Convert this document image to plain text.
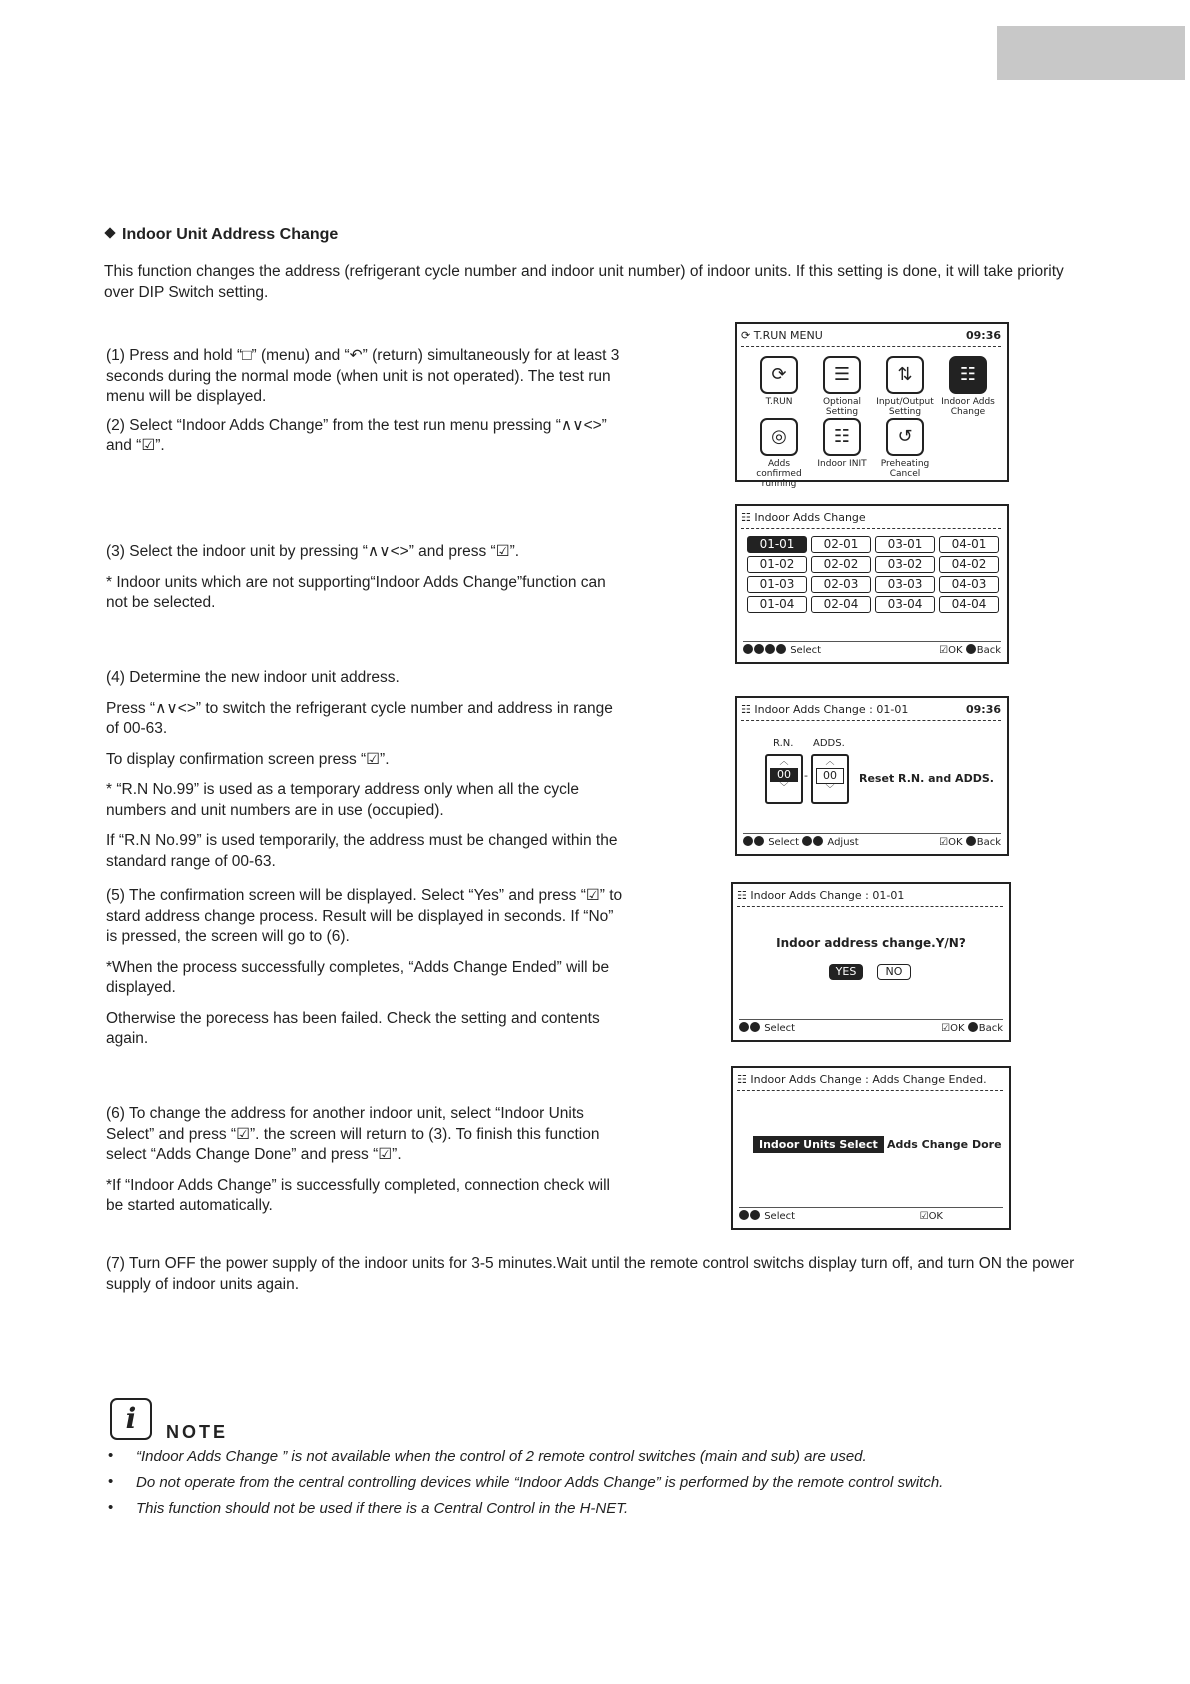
Indoor Unit Address Change
This function changes the address (refrigerant cycle number and indoor unit number) of indoor units. If this setting is done, it will take priority over DIP Switch setting.

(1) Press and hold “□” (menu) and “↶” (return) simultaneously for at least 3 seconds during the normal mode (when unit is not operated). The test run menu will be displayed.

(2) Select “Indoor Adds Change” from the test run menu pressing “∧∨<>” and “☑”.

(3) Select the indoor unit by pressing “∧∨<>” and press “☑”.

* Indoor units which are not supporting“Indoor Adds Change”function can not be selected.

(4) Determine the new indoor unit address.

Press “∧∨<>” to switch the refrigerant cycle number and address in range of 00-63.

To display confirmation screen press “☑”.

* “R.N No.99” is used as a temporary address only when all the cycle numbers and unit numbers are in use (occupied).

If “R.N No.99” is used temporarily, the address must be changed within the standard range of 00-63.

(5) The confirmation screen will be displayed. Select “Yes” and press “☑” to stard address change process. Result will be displayed in seconds. If “No” is pressed, the screen will go to (6).

*When the process successfully completes, “Adds Change Ended” will be displayed.

Otherwise the porecess has been failed. Check the setting and contents again.

(6) To change the address for another indoor unit, select “Indoor Units Select” and press “☑”. the screen will return to (3). To finish this function select “Adds Change Done” and press “☑”.

*If “Indoor Adds Change” is successfully completed, connection check will be started automatically.

(7) Turn OFF the power supply of the indoor units for 3-5 minutes.Wait until the remote control switchs display turn off, and turn ON the power supply of indoor units again.
⟳ T.RUN MENU	09:36
⟳
T.RUN
☰
Optional Setting
⇅
Input/Output Setting
☷
Indoor Adds Change
◎
Adds confirmed running
☷
Indoor INIT
↺
Preheating Cancel
☷ Indoor Adds Change
01-01	02-01	03-01	04-01
01-02	02-02	03-02	04-02
01-03	02-03	03-03	04-03
01-04	02-04	03-04	04-04
Select	☑OK Back
☷ Indoor Adds Change : 01-01	09:36
R.N. ADDS.
︿
00
﹀
-
︿
00
﹀
Reset R.N. and ADDS.
Select	Adjust	☑OK Back
☷ Indoor Adds Change : 01-01
Indoor address change.Y/N?
YES	NO
Select	☑OK Back
☷ Indoor Adds Change : Adds Change Ended.
Indoor Units Select Adds Change Dore
Select	☑OK
i	NOTE
• “Indoor Adds Change ” is not available when the control of 2 remote control switches (main and sub) are used.
• Do not operate from the central controlling devices while “Indoor Adds Change” is performed by the remote control switch.
• This function should not be used if there is a Central Control in the H-NET.
